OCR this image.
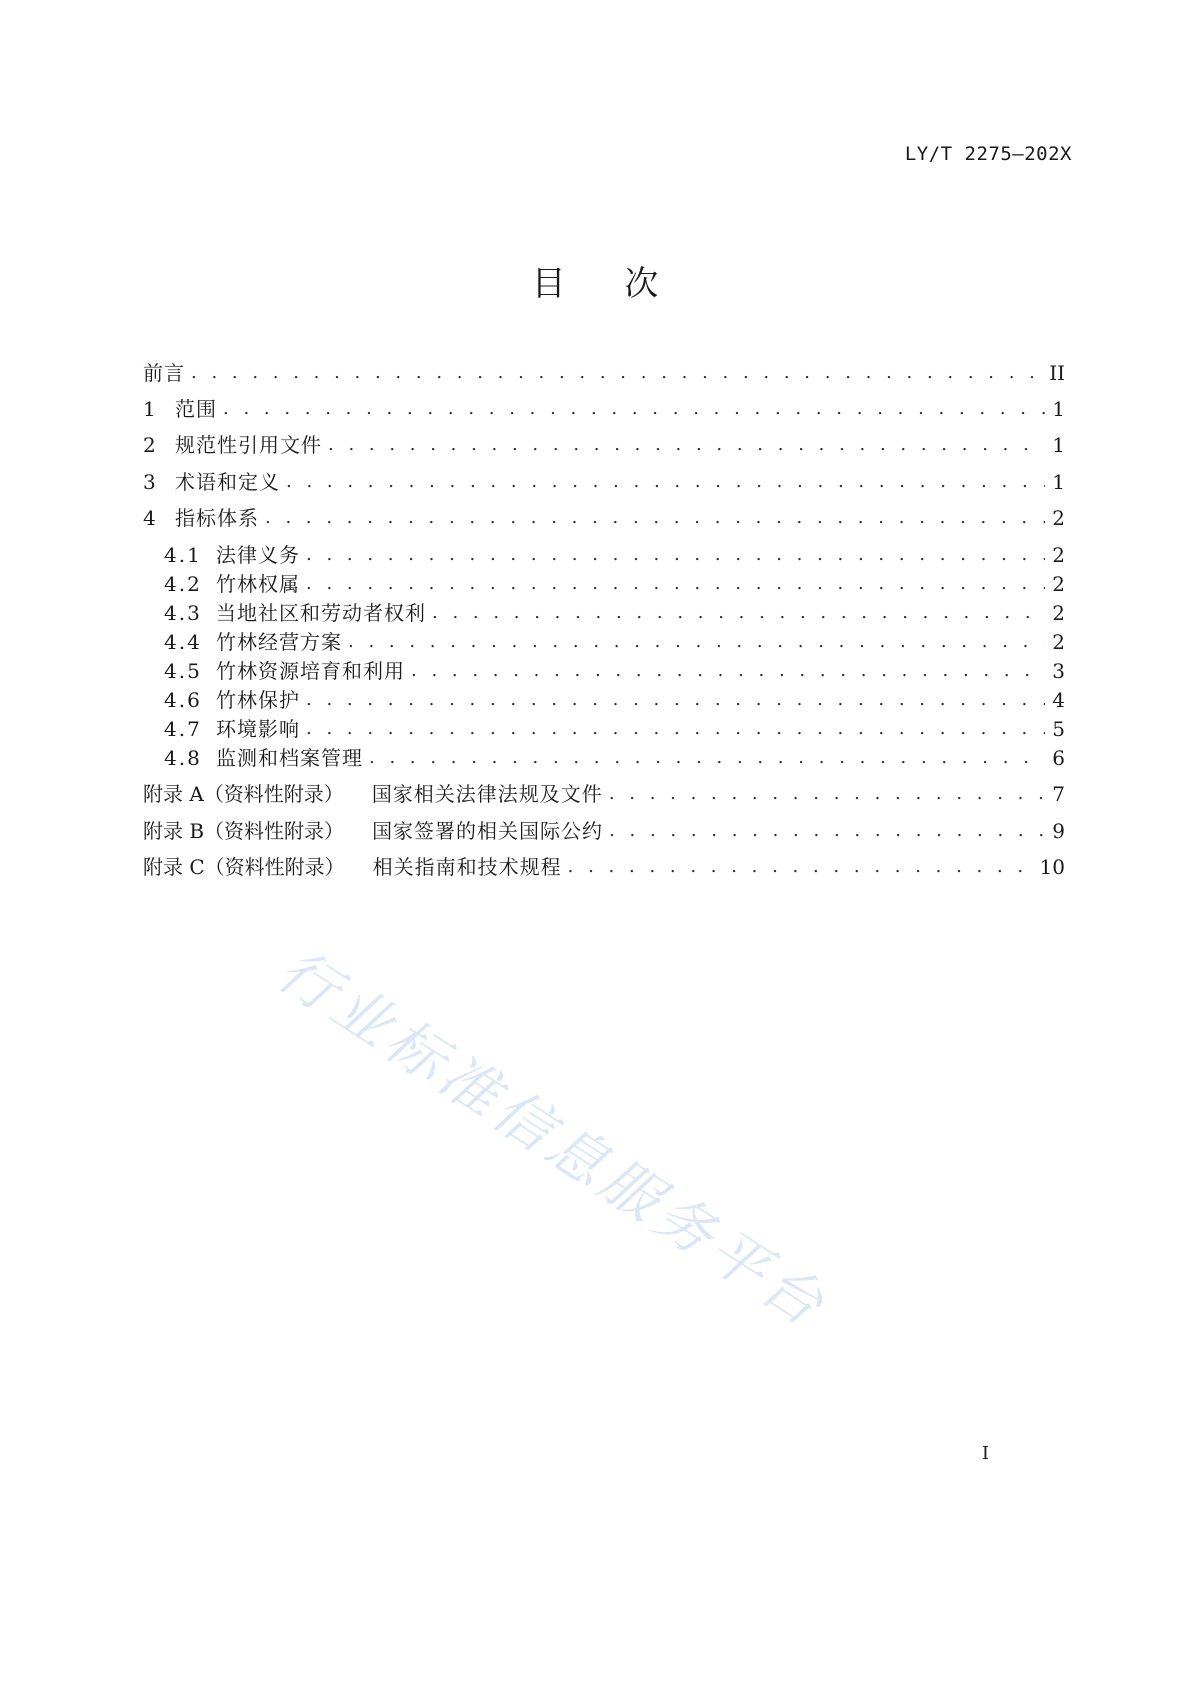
LY/T 2275—202X
目 次
前言 . . .	II
1 范围 . . .	1
2 规范性引用文件 . . .	1
3 术语和定义 . . .	1
4 指标体系 . . .	2
4.1 法律义务 . . .	2
4.2 竹林权属 . . .	2
4.3 当地社区和劳动者权利 . . .	2
4.4 竹林经营方案 . . .	2
4.5 竹林资源培育和利用 . . .	3
4.6 竹林保护 . . .	4
4.7 环境影响 . . .	5
4.8 监测和档案管理 . . .	6
附录 A（资料性附录） 国家相关法律法规及文件 . . .	7
附录 B（资料性附录） 国家签署的相关国际公约 . . .	9
附录 C（资料性附录） 相关指南和技术规程 . . .	10
行业标准信息服务平台
I
